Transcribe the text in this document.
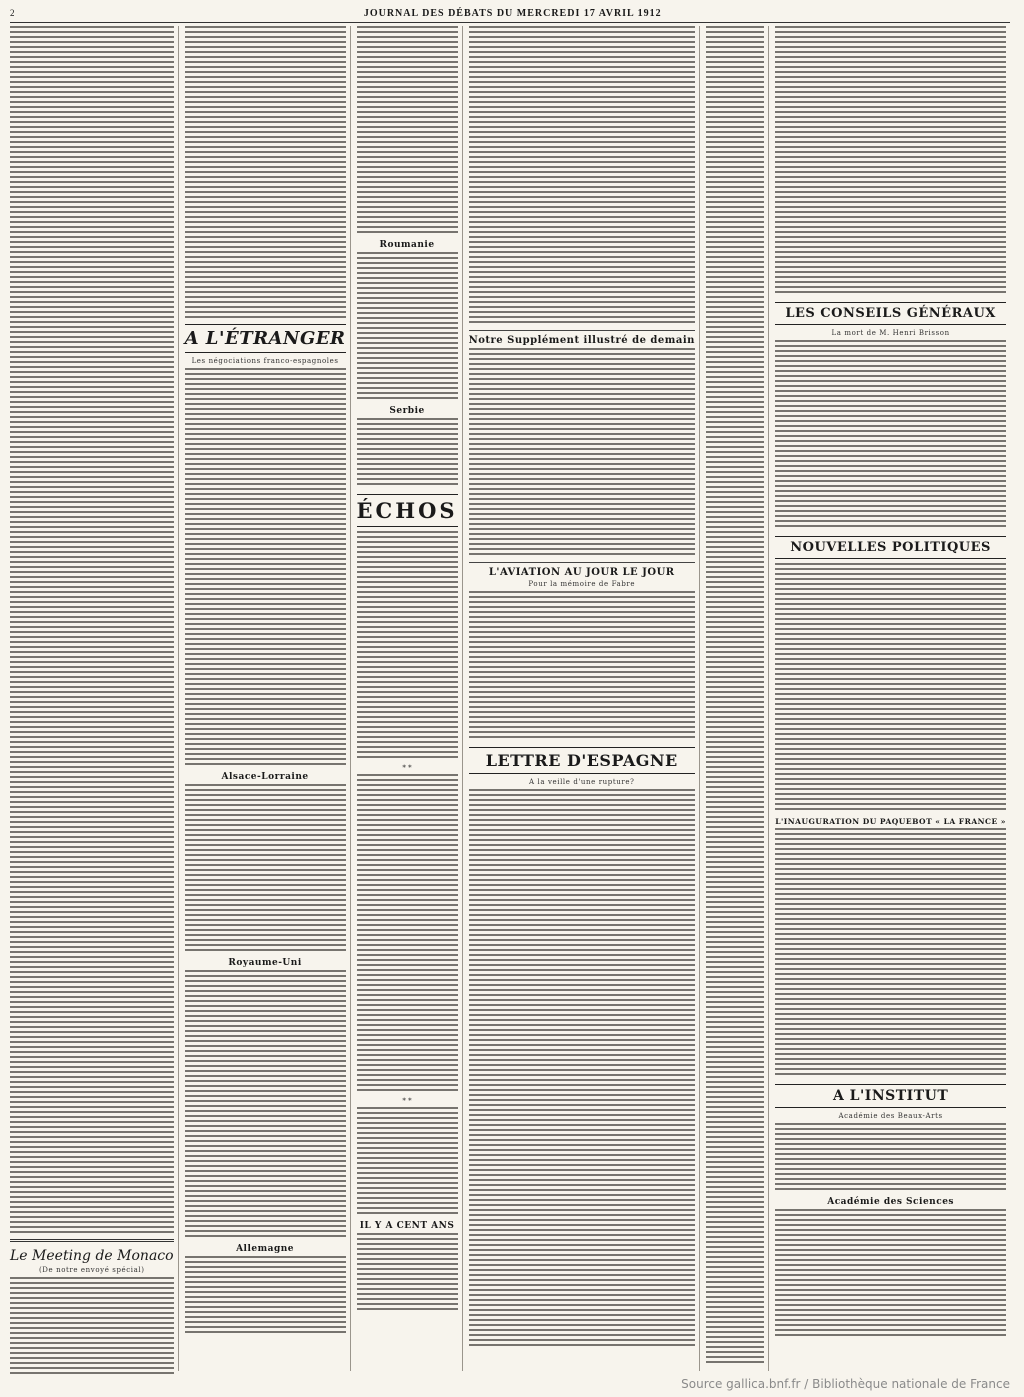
2	JOURNAL DES DÉBATS DU MERCREDI 17 AVRIL 1912
Le Meeting de Monaco
(De notre envoyé spécial)
A L'ÉTRANGER
Les négociations franco-espagnoles
Alsace-Lorraine
Royaume-Uni
Allemagne
Roumanie
Serbie
ÉCHOS
* *
* *
IL Y A CENT ANS
Notre Supplément illustré de demain
L'AVIATION AU JOUR LE JOUR
Pour la mémoire de Fabre
LETTRE D'ESPAGNE
A la veille d'une rupture?
LES CONSEILS GÉNÉRAUX
La mort de M. Henri Brisson
NOUVELLES POLITIQUES
L'INAUGURATION DU PAQUEBOT « LA FRANCE »
A L'INSTITUT
Académie des Beaux-Arts
Académie des Sciences
Source gallica.bnf.fr / Bibliothèque nationale de France
